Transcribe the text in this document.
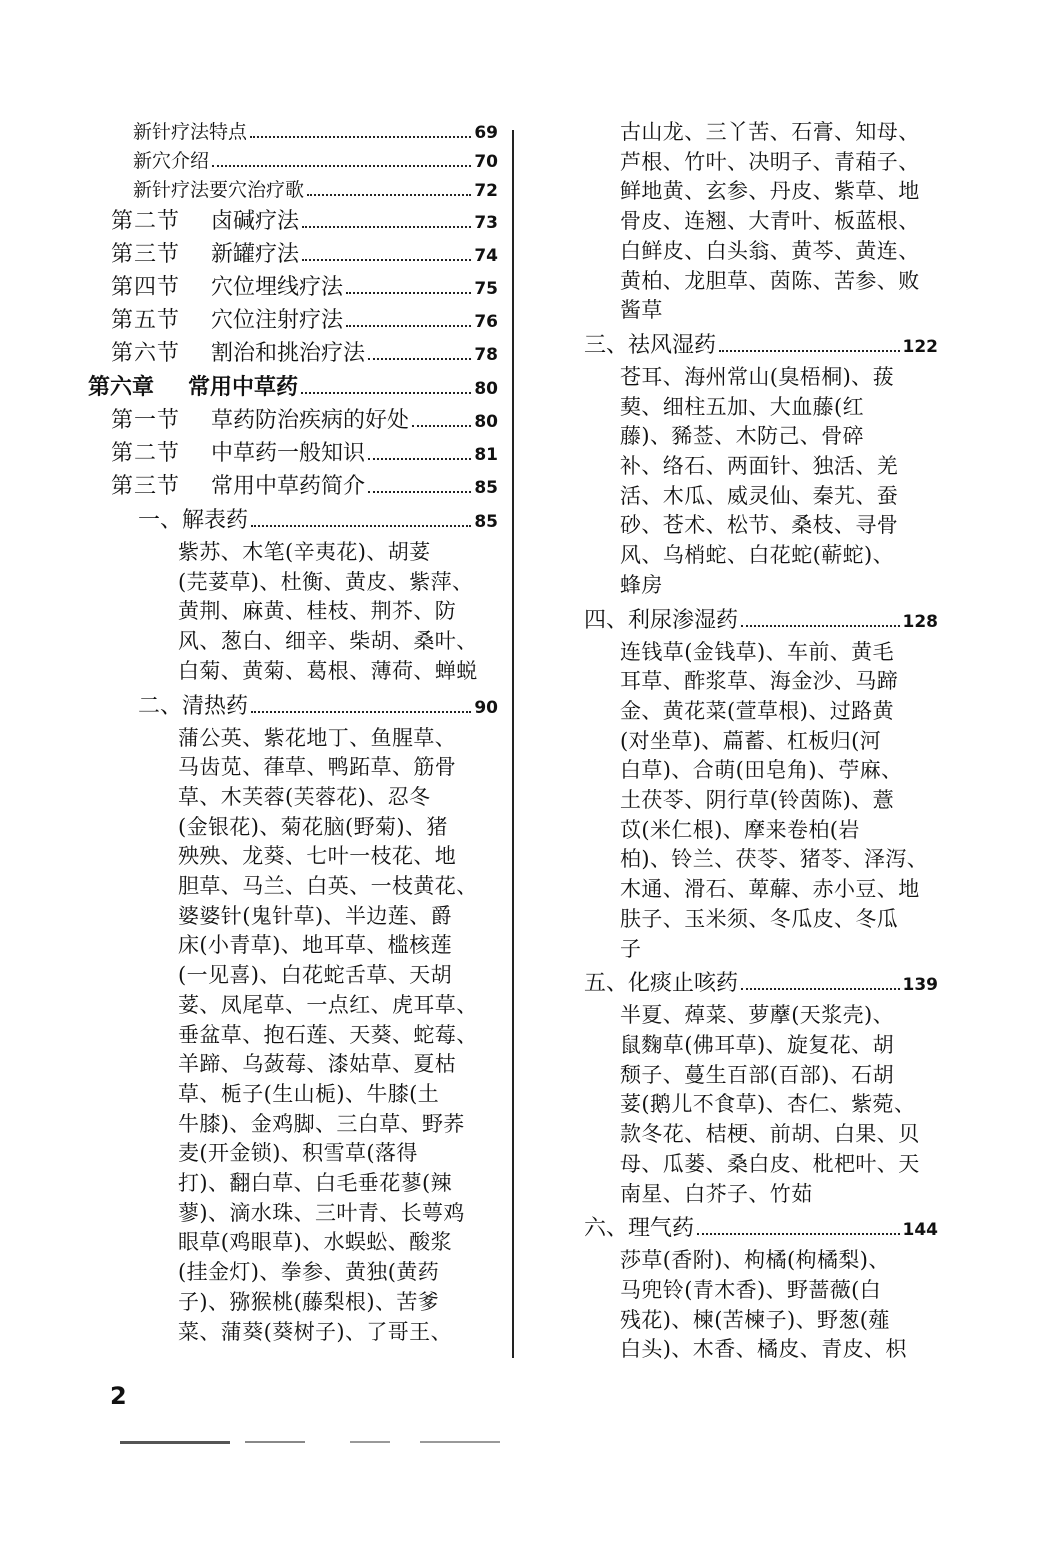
新针疗法特点	69
新穴介绍	70
新针疗法要穴治疗歌	72
第二节	卤碱疗法	73
第三节	新罐疗法	74
第四节	穴位埋线疗法	75
第五节	穴位注射疗法	76
第六节	割治和挑治疗法	78
第六章	常用中草药	80
第一节	草药防治疾病的好处	80
第二节	中草药一般知识	81
第三节	常用中草药简介	85
一、解表药	85
紫苏、木笔(辛夷花)、胡荽
(芫荽草)、杜衡、黄皮、紫萍、
黄荆、麻黄、桂枝、荆芥、防
风、葱白、细辛、柴胡、桑叶、
白菊、黄菊、葛根、薄荷、蝉蜕
二、清热药	90
蒲公英、紫花地丁、鱼腥草、
马齿苋、葎草、鸭跖草、筋骨
草、木芙蓉(芙蓉花)、忍冬
(金银花)、菊花脑(野菊)、猪
殃殃、龙葵、七叶一枝花、地
胆草、马兰、白英、一枝黄花、
婆婆针(鬼针草)、半边莲、爵
床(小青草)、地耳草、槛核莲
(一见喜)、白花蛇舌草、天胡
荽、凤尾草、一点红、虎耳草、
垂盆草、抱石莲、天葵、蛇莓、
羊蹄、乌蔹莓、漆姑草、夏枯
草、栀子(生山栀)、牛膝(土
牛膝)、金鸡脚、三白草、野荞
麦(开金锁)、积雪草(落得
打)、翻白草、白毛垂花蓼(辣
蓼)、滴水珠、三叶青、长萼鸡
眼草(鸡眼草)、水蜈蚣、酸浆
(挂金灯)、拳参、黄独(黄药
子)、猕猴桃(藤梨根)、苦爹
菜、蒲葵(葵树子)、了哥王、
古山龙、三丫苦、石膏、知母、
芦根、竹叶、决明子、青葙子、
鲜地黄、玄参、丹皮、紫草、地
骨皮、连翘、大青叶、板蓝根、
白鲜皮、白头翁、黄芩、黄连、
黄柏、龙胆草、茵陈、苦参、败
酱草
三、祛风湿药	122
苍耳、海州常山(臭梧桐)、菝
葜、细柱五加、大血藤(红
藤)、豨莶、木防己、骨碎
补、络石、两面针、独活、羌
活、木瓜、威灵仙、秦艽、蚕
砂、苍术、松节、桑枝、寻骨
风、乌梢蛇、白花蛇(蕲蛇)、
蜂房
四、利尿渗湿药	128
连钱草(金钱草)、车前、黄毛
耳草、酢浆草、海金沙、马蹄
金、黄花菜(萱草根)、过路黄
(对坐草)、萹蓄、杠板归(河
白草)、合萌(田皂角)、苧麻、
土茯苓、阴行草(铃茵陈)、薏
苡(米仁根)、摩来卷柏(岩
柏)、铃兰、茯苓、猪苓、泽泻、
木通、滑石、萆薢、赤小豆、地
肤子、玉米须、冬瓜皮、冬瓜
子
五、化痰止咳药	139
半夏、蔊菜、萝藦(天浆壳)、
鼠麴草(佛耳草)、旋复花、胡
颓子、蔓生百部(百部)、石胡
荽(鹅儿不食草)、杏仁、紫菀、
款冬花、桔梗、前胡、白果、贝
母、瓜蒌、桑白皮、枇杷叶、天
南星、白芥子、竹茹
六、理气药	144
莎草(香附)、枸橘(枸橘梨)、
马兜铃(青木香)、野蔷薇(白
残花)、楝(苦楝子)、野葱(薤
白头)、木香、橘皮、青皮、枳
2
